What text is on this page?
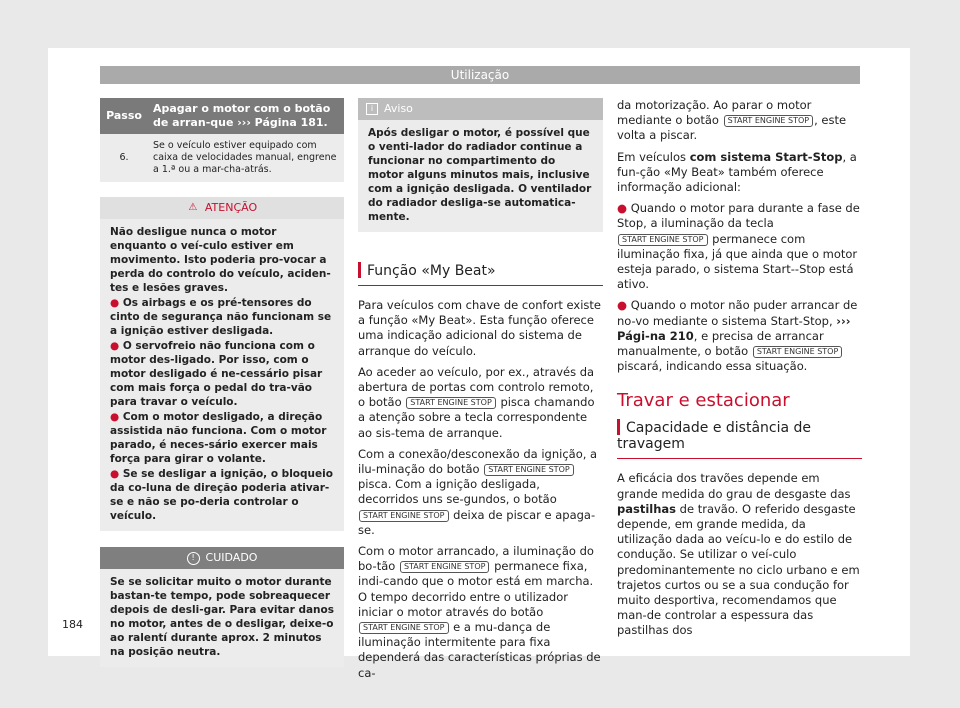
Utilização
Passo	Apagar o motor com o botão de arran-que ››› Página 181.
6.	Se o veículo estiver equipado com caixa de velocidades manual, engrene a 1.ª ou a mar-cha-atrás.
⚠ ATENÇÃO
Não desligue nunca o motor enquanto o veí-culo estiver em movimento. Isto poderia pro-vocar a perda do controlo do veículo, aciden-tes e lesões graves.
● Os airbags e os pré-tensores do cinto de segurança não funcionam se a ignição estiver desligada.
● O servofreio não funciona com o motor des-ligado. Por isso, com o motor desligado é ne-cessário pisar com mais força o pedal do tra-vão para travar o veículo.
● Com o motor desligado, a direção assistida não funciona. Com o motor parado, é neces-sário exercer mais força para girar o volante.
● Se se desligar a ignição, o bloqueio da co-luna de direção poderia ativar-se e não se po-deria controlar o veículo.
! CUIDADO
Se se solicitar muito o motor durante bastan-te tempo, pode sobreaquecer depois de desli-gar. Para evitar danos no motor, antes de o desligar, deixe-o ao ralentí durante aprox. 2 minutos na posição neutra.
i Aviso
Após desligar o motor, é possível que o venti-lador do radiador continue a funcionar no compartimento do motor alguns minutos mais, inclusive com a ignição desligada. O ventilador do radiador desliga-se automatica-mente.
Função «My Beat»

Para veículos com chave de confort existe a função «My Beat». Esta função oferece uma indicação adicional do sistema de arranque do veículo.

Ao aceder ao veículo, por ex., através da abertura de portas com controlo remoto, o botão START ENGINE STOP pisca chamando a atenção sobre a tecla correspondente ao sis-tema de arranque.

Com a conexão/desconexão da ignição, a ilu-minação do botão START ENGINE STOP pisca. Com a ignição desligada, decorridos uns se-gundos, o botão START ENGINE STOP deixa de piscar e apaga-se.

Com o motor arrancado, a iluminação do bo-tão START ENGINE STOP permanece fixa, indi-cando que o motor está em marcha. O tempo decorrido entre o utilizador iniciar o motor através do botão START ENGINE STOP e a mu-dança de iluminação intermitente para fixa dependerá das características próprias de ca-

da motorização. Ao parar o motor mediante o botão START ENGINE STOP , este volta a piscar.

Em veículos com sistema Start-Stop, a fun-ção «My Beat» também oferece informação adicional:

● Quando o motor para durante a fase de Stop, a iluminação da tecla START ENGINE STOP permanece com iluminação fixa, já que ainda que o motor esteja parado, o sistema Start--Stop está ativo.

● Quando o motor não puder arrancar de no-vo mediante o sistema Start-Stop, ››› Pági-na 210, e precisa de arrancar manualmente, o botão START ENGINE STOP piscará, indicando essa situação.

Travar e estacionar
Capacidade e distância de travagem

A eficácia dos travões depende em grande medida do grau de desgaste das pastilhas de travão. O referido desgaste depende, em grande medida, da utilização dada ao veícu-lo e do estilo de condução. Se utilizar o veí-culo predominantemente no ciclo urbano e em trajetos curtos ou se a sua condução for muito desportiva, recomendamos que man-de controlar a espessura das pastilhas dos

184
